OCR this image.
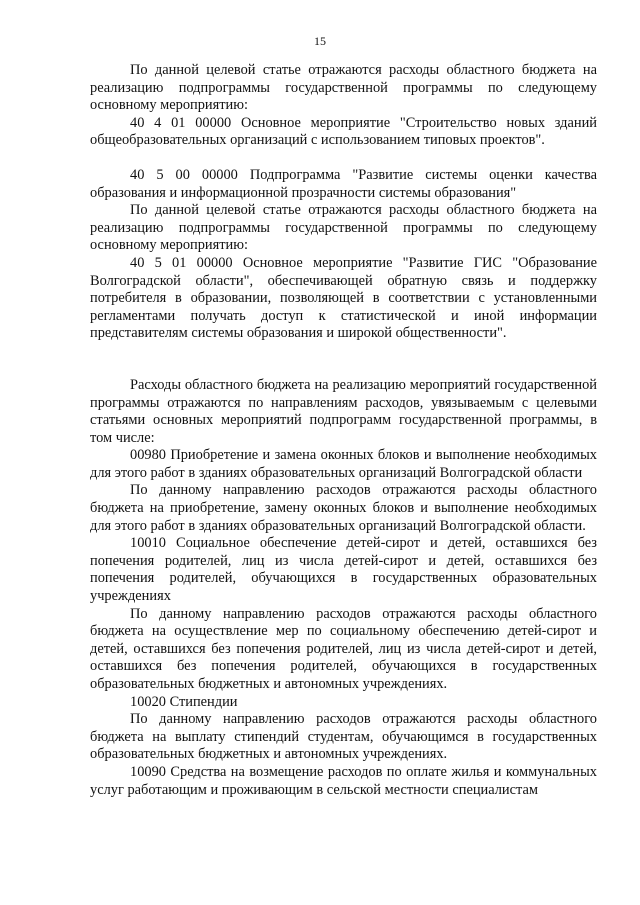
15

По данной целевой статье отражаются расходы областного бюджета на реализацию подпрограммы государственной программы по следующему основному мероприятию:

40 4 01 00000 Основное мероприятие "Строительство новых зданий общеобразовательных организаций с использованием типовых проектов".

40 5 00 00000 Подпрограмма "Развитие системы оценки качества образования и информационной прозрачности системы образования"

По данной целевой статье отражаются расходы областного бюджета на реализацию подпрограммы государственной программы по следующему основному мероприятию:

40 5 01 00000 Основное мероприятие "Развитие ГИС "Образование Волгоградской области", обеспечивающей обратную связь и поддержку потребителя в образовании, позволяющей в соответствии с установленными регламентами получать доступ к статистической и иной информации представителям системы образования и широкой общественности".

Расходы областного бюджета на реализацию мероприятий государственной программы отражаются по направлениям расходов, увязываемым с целевыми статьями основных мероприятий подпрограмм государственной программы, в том числе:

00980 Приобретение и замена оконных блоков и выполнение необходимых для этого работ в зданиях образовательных организаций Волгоградской области

По данному направлению расходов отражаются расходы областного бюджета на приобретение, замену оконных блоков и выполнение необходимых для этого работ в зданиях образовательных организаций Волгоградской области.

10010 Социальное обеспечение детей-сирот и детей, оставшихся без попечения родителей, лиц из числа детей-сирот и детей, оставшихся без попечения родителей, обучающихся в государственных образовательных учреждениях

По данному направлению расходов отражаются расходы областного бюджета на осуществление мер по социальному обеспечению детей-сирот и детей, оставшихся без попечения родителей, лиц из числа детей-сирот и детей, оставшихся без попечения родителей, обучающихся в государственных образовательных бюджетных и автономных учреждениях.

10020 Стипендии

По данному направлению расходов отражаются расходы областного бюджета на выплату стипендий студентам, обучающимся в государственных образовательных бюджетных и автономных учреждениях.

10090 Средства на возмещение расходов по оплате жилья и коммунальных услуг работающим и проживающим в сельской местности специалистам
